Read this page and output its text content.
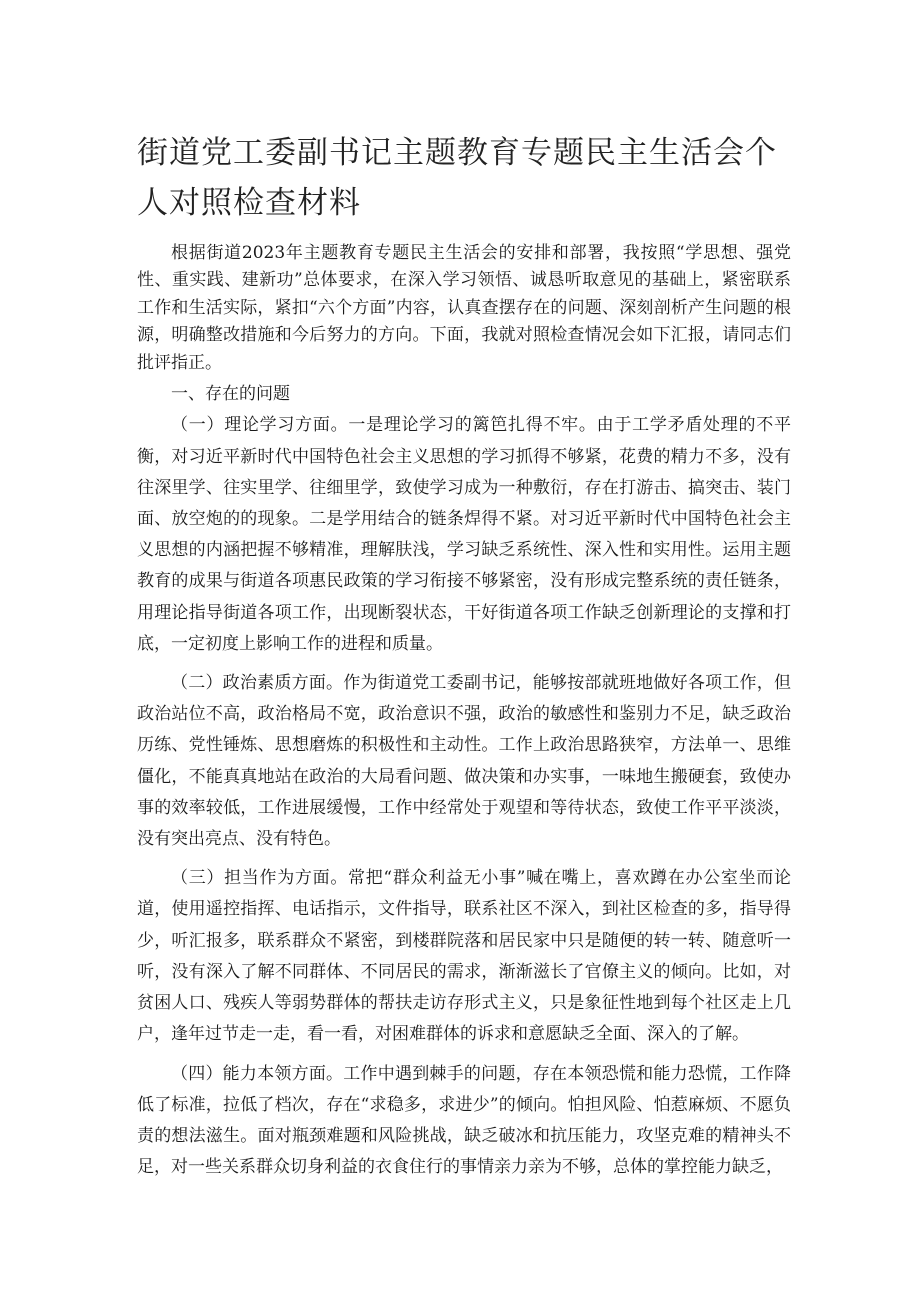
街道党工委副书记主题教育专题民主生活会个人对照检查材料

根据街道2023年主题教育专题民主生活会的安排和部署，我按照“学思想、强党性、重实践、建新功”总体要求，在深入学习领悟、诚恳听取意见的基础上，紧密联系工作和生活实际，紧扣“六个方面”内容，认真查摆存在的问题、深刻剖析产生问题的根源，明确整改措施和今后努力的方向。下面，我就对照检查情况会如下汇报，请同志们批评指正。

一、存在的问题

（一）理论学习方面。一是理论学习的篱笆扎得不牢。由于工学矛盾处理的不平衡，对习近平新时代中国特色社会主义思想的学习抓得不够紧，花费的精力不多，没有往深里学、往实里学、往细里学，致使学习成为一种敷衍，存在打游击、搞突击、装门面、放空炮的的现象。二是学用结合的链条焊得不紧。对习近平新时代中国特色社会主义思想的内涵把握不够精准，理解肤浅，学习缺乏系统性、深入性和实用性。运用主题教育的成果与街道各项惠民政策的学习衔接不够紧密，没有形成完整系统的责任链条，用理论指导街道各项工作，出现断裂状态，干好街道各项工作缺乏创新理论的支撑和打底，一定初度上影响工作的进程和质量。

（二）政治素质方面。作为街道党工委副书记，能够按部就班地做好各项工作，但政治站位不高，政治格局不宽，政治意识不强，政治的敏感性和鉴别力不足，缺乏政治历练、党性锤炼、思想磨炼的积极性和主动性。工作上政治思路狭窄，方法单一、思维僵化，不能真真地站在政治的大局看问题、做决策和办实事，一味地生搬硬套，致使办事的效率较低，工作进展缓慢，工作中经常处于观望和等待状态，致使工作平平淡淡，没有突出亮点、没有特色。

（三）担当作为方面。常把“群众利益无小事”喊在嘴上，喜欢蹲在办公室坐而论道，使用遥控指挥、电话指示，文件指导，联系社区不深入，到社区检查的多，指导得少，听汇报多，联系群众不紧密，到楼群院落和居民家中只是随便的转一转、随意听一听，没有深入了解不同群体、不同居民的需求，渐渐滋长了官僚主义的倾向。比如，对贫困人口、残疾人等弱势群体的帮扶走访存形式主义，只是象征性地到每个社区走上几户，逢年过节走一走，看一看，对困难群体的诉求和意愿缺乏全面、深入的了解。

（四）能力本领方面。工作中遇到棘手的问题，存在本领恐慌和能力恐慌，工作降低了标准，拉低了档次，存在“求稳多，求进少”的倾向。怕担风险、怕惹麻烦、不愿负责的想法滋生。面对瓶颈难题和风险挑战，缺乏破冰和抗压能力，攻坚克难的精神头不足，对一些关系群众切身利益的衣食住行的事情亲力亲为不够，总体的掌控能力缺乏，
